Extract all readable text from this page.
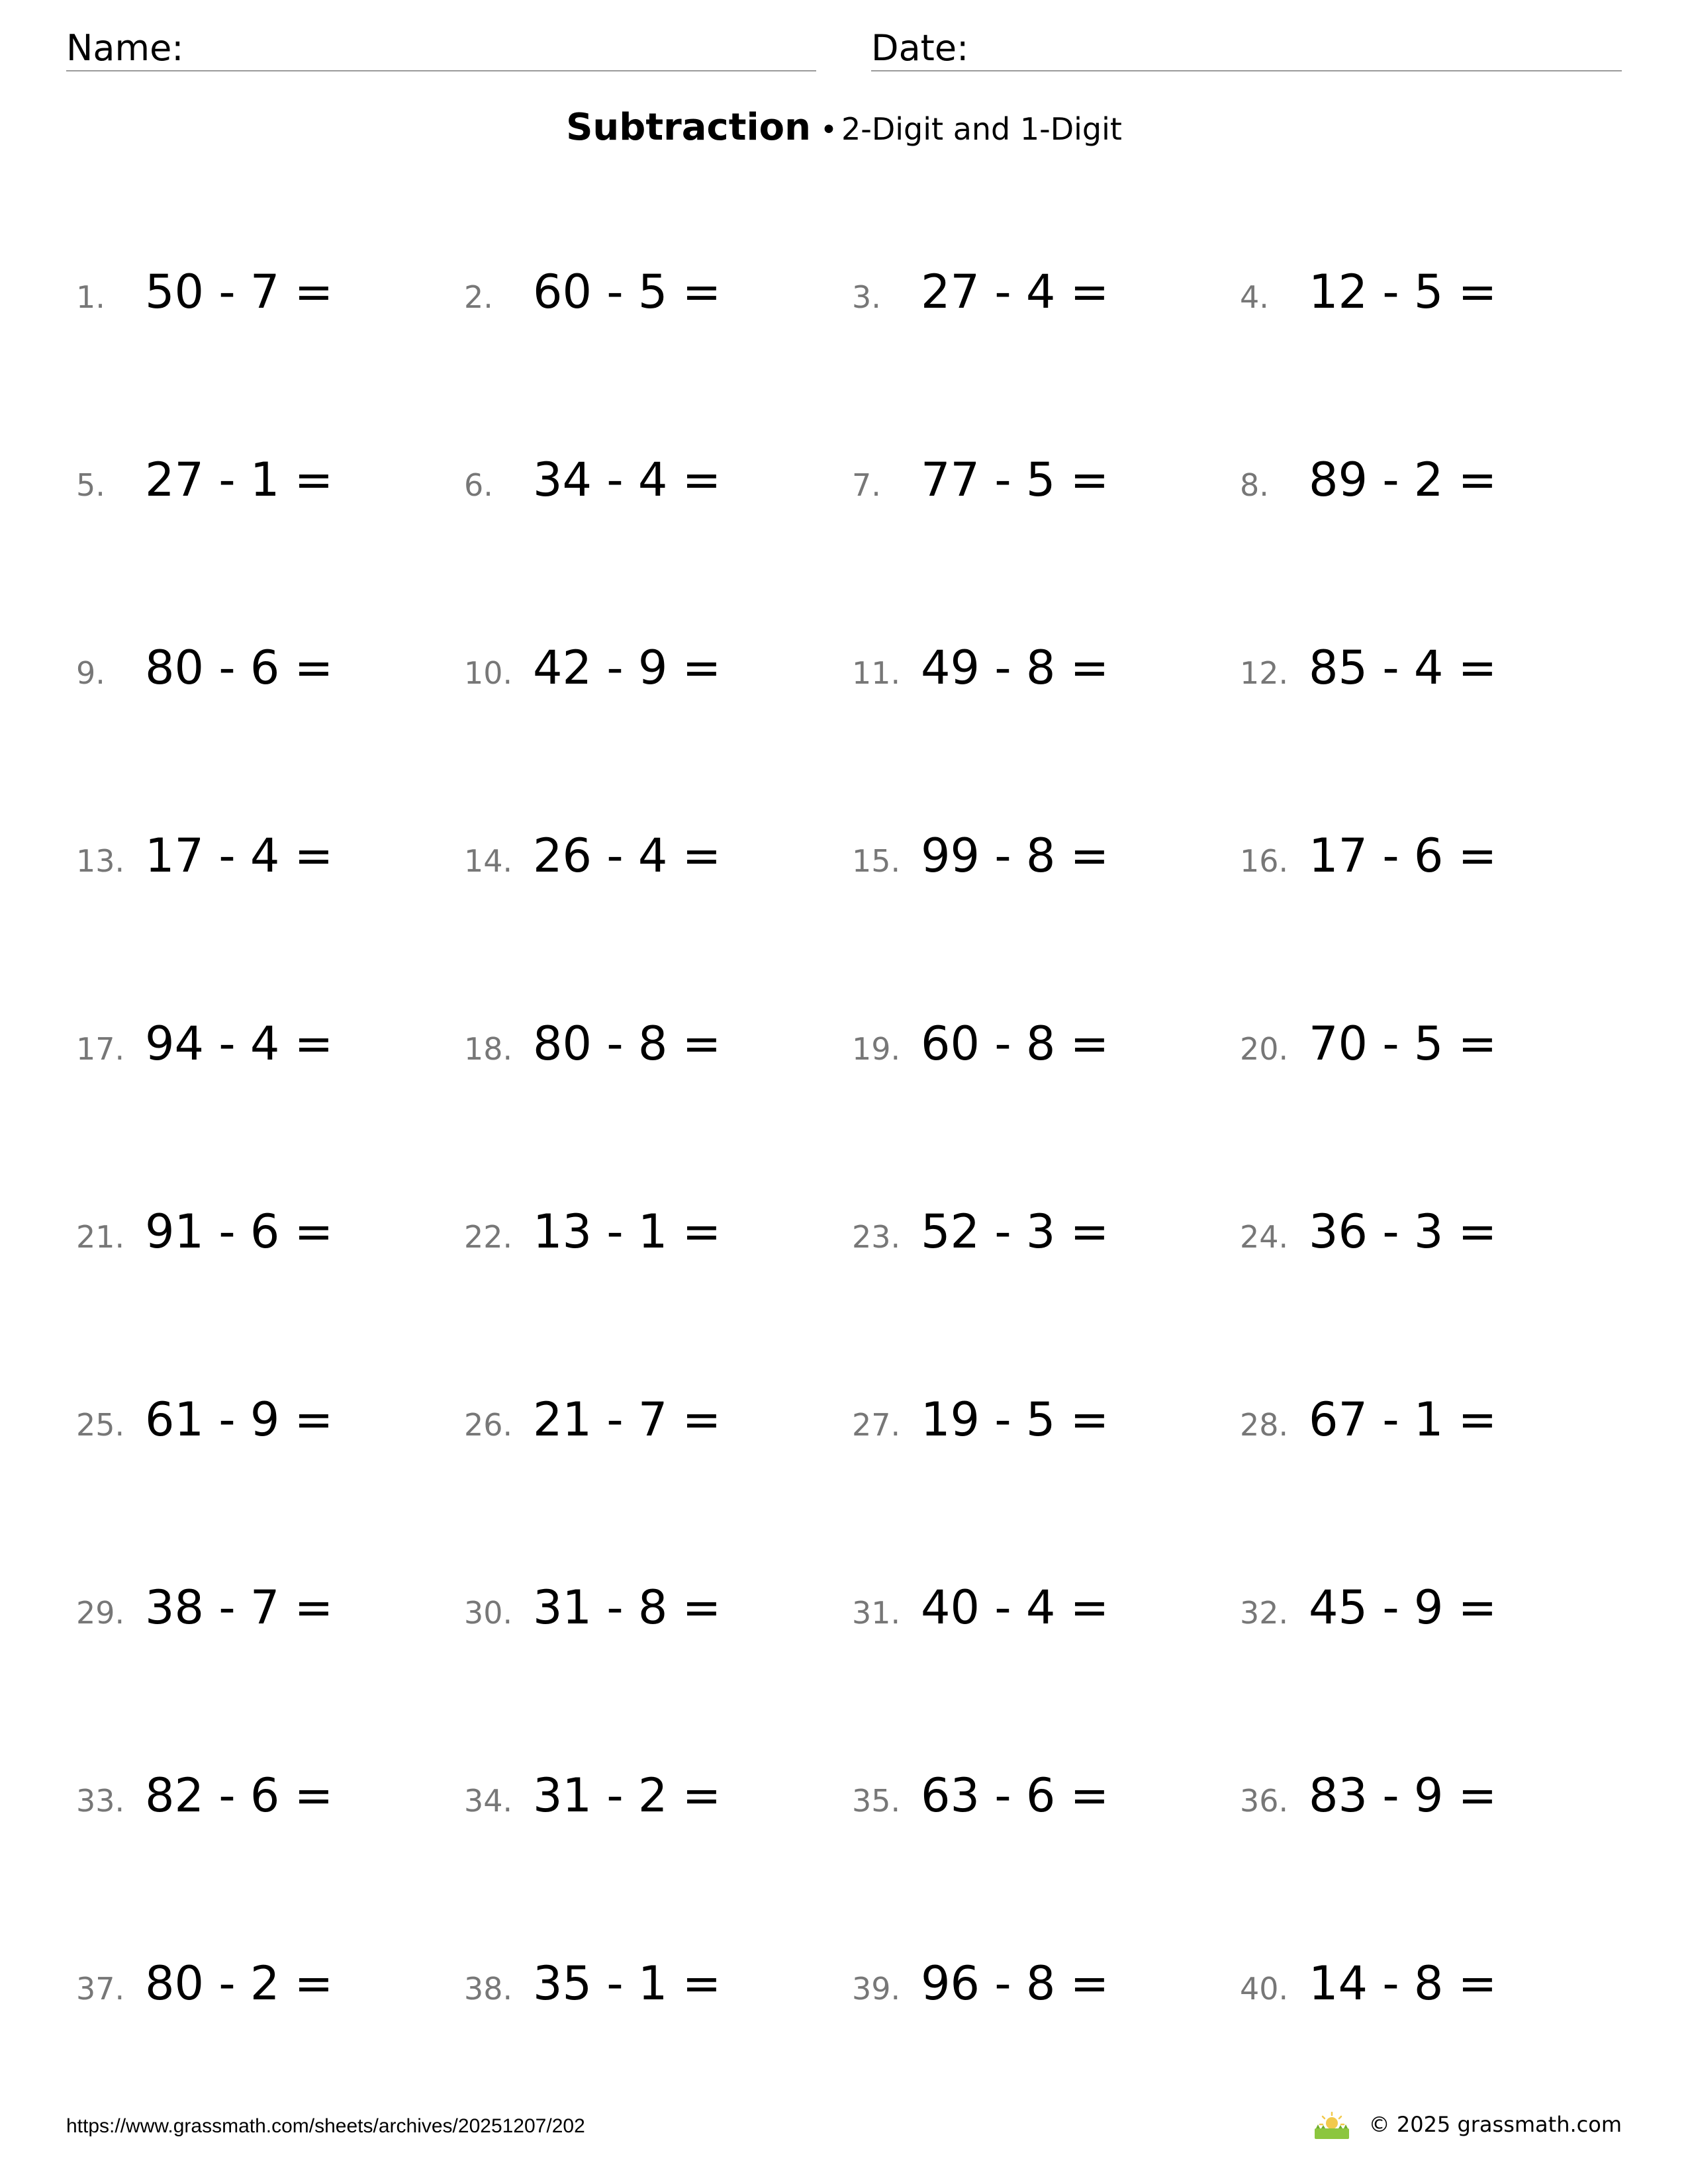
Name:	Date:
Subtraction • 2-Digit and 1-Digit
1. 50 - 7 =	2. 60 - 5 =	3. 27 - 4 =	4. 12 - 5 =
5. 27 - 1 =	6. 34 - 4 =	7. 77 - 5 =	8. 89 - 2 =
9. 80 - 6 =	10. 42 - 9 =	11. 49 - 8 =	12. 85 - 4 =
13. 17 - 4 =	14. 26 - 4 =	15. 99 - 8 =	16. 17 - 6 =
17. 94 - 4 =	18. 80 - 8 =	19. 60 - 8 =	20. 70 - 5 =
21. 91 - 6 =	22. 13 - 1 =	23. 52 - 3 =	24. 36 - 3 =
25. 61 - 9 =	26. 21 - 7 =	27. 19 - 5 =	28. 67 - 1 =
29. 38 - 7 =	30. 31 - 8 =	31. 40 - 4 =	32. 45 - 9 =
33. 82 - 6 =	34. 31 - 2 =	35. 63 - 6 =	36. 83 - 9 =
37. 80 - 2 =	38. 35 - 1 =	39. 96 - 8 =	40. 14 - 8 =
https://www.grassmath.com/sheets/archives/20251207/202	© 2025 grassmath.com
